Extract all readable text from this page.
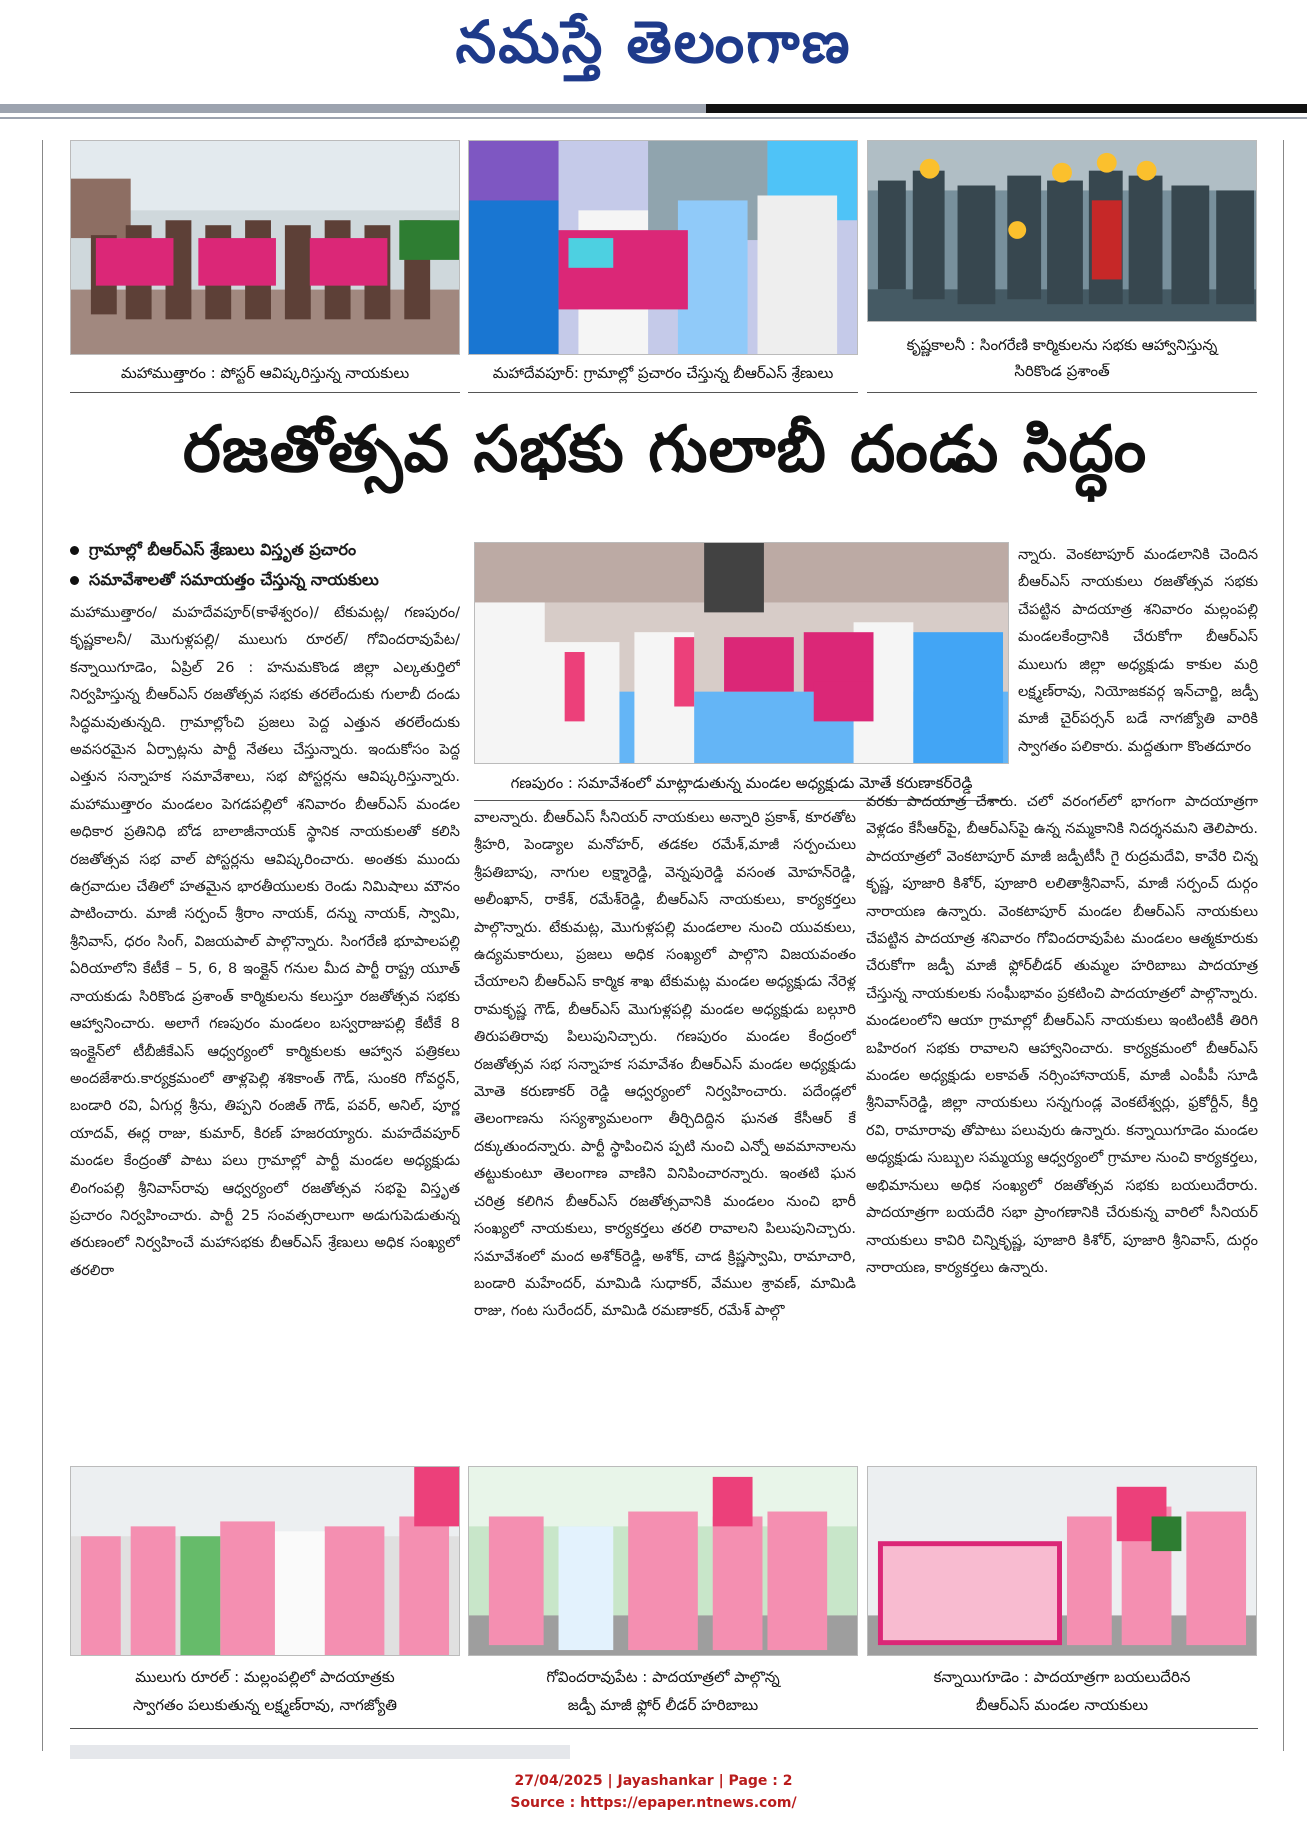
నమస్తే తెలంగాణ
మహాముత్తారం : పోస్టర్ ఆవిష్కరిస్తున్న నాయకులు	మహాదేవపూర్: గ్రామాల్లో ప్రచారం చేస్తున్న బీఆర్ఎస్ శ్రేణులు
కృష్ణకాలనీ : సింగరేణి కార్మికులను సభకు ఆహ్వానిస్తున్న
సిరికొండ ప్రశాంత్
రజతోత్సవ సభకు గులాబీ దండు సిద్ధం
గ్రామాల్లో బీఆర్ఎస్ శ్రేణులు విస్తృత ప్రచారం
సమావేశాలతో సమాయత్తం చేస్తున్న నాయకులు

మహాముత్తారం/ మహదేవపూర్(కాళేశ్వరం)/ టేకుమట్ల/ గణపురం/ కృష్ణకాలనీ/ మొగుళ్లపల్లి/ ములుగు రూరల్/ గోవిందరావుపేట/ కన్నాయిగూడెం, ఏప్రిల్ 26 : హనుమకొండ జిల్లా ఎల్కతుర్తిలో నిర్వహిస్తున్న బీఆర్ఎస్ రజతోత్సవ సభకు తరలేందుకు గులాబీ దండు సిద్ధమవుతున్నది. గ్రామాల్లోంచి ప్రజలు పెద్ద ఎత్తున తరలేందుకు అవసరమైన ఏర్పాట్లను పార్టీ నేతలు చేస్తున్నారు. ఇందుకోసం పెద్ద ఎత్తున సన్నాహక సమావేశాలు, సభ పోస్టర్లను ఆవిష్కరిస్తున్నారు. మహాముత్తారం మండలం పెగడపల్లిలో శనివారం బీఆర్ఎస్ మండల అధికార ప్రతినిధి బోడ బాలాజీనాయక్ స్థానిక నాయకులతో కలిసి రజతోత్సవ సభ వాల్ పోస్టర్లను ఆవిష్కరించారు. అంతకు ముందు ఉగ్రవాదుల చేతిలో హతమైన భారతీయులకు రెండు నిమిషాలు మౌనం పాటించారు. మాజీ సర్పంచ్ శ్రీరాం నాయక్, దన్ను నాయక్, స్వామి, శ్రీనివాస్, ధరం సింగ్, విజయపాల్ పాల్గొన్నారు. సింగరేణి భూపాలపల్లి ఏరియాలోని కేటీకే – 5, 6, 8 ఇంక్లైన్ గనుల మీద పార్టీ రాష్ట్ర యూత్ నాయకుడు సిరికొండ ప్రశాంత్ కార్మికులను కలుస్తూ రజతోత్సవ సభకు ఆహ్వానించారు. అలాగే గణపురం మండలం బస్వరాజుపల్లి కేటీకే 8 ఇంక్లైన్‌లో టీబీజీకేఎస్ ఆధ్వర్యంలో కార్మికులకు ఆహ్వాన పత్రికలు అందజేశారు.కార్యక్రమంలో తాళ్లపెల్లి శశికాంత్ గౌడ్, సుంకరి గోవర్ధన్, బండారి రవి, ఏగుర్ల శ్రీను, తిప్పని రంజిత్ గౌడ్, పవర్, అనిల్, పూర్ణ యాదవ్, ఈర్ల రాజు, కుమార్, కిరణ్ హజరయ్యారు. మహదేవపూర్ మండల కేంద్రంతో పాటు పలు గ్రామాల్లో పార్టీ మండల అధ్యక్షుడు లింగంపల్లి శ్రీనివాస్‌రావు ఆధ్వర్యంలో రజతోత్సవ సభపై విస్తృత ప్రచారం నిర్వహించారు. పార్టీ 25 సంవత్సరాలుగా అడుగుపెడుతున్న తరుణంలో నిర్వహించే మహాసభకు బీఆర్ఎస్ శ్రేణులు అధిక సంఖ్యలో తరలిరా

గణపురం : సమావేశంలో మాట్లాడుతున్న మండల అధ్యక్షుడు మోతే కరుణాకర్‌రెడ్డి

వాలన్నారు. బీఆర్ఎస్ సీనియర్ నాయకులు అన్నారి ప్రకాశ్, కూరతోట శ్రీహరి, పెండ్యాల మనోహర్, తడకల రమేశ్,మాజీ సర్పంచులు శ్రీపతిబాపు, నాగుల లక్ష్మారెడ్డి, వెన్నపురెడ్డి వసంత మోహన్‌రెడ్డి, అలీంఖాన్, రాకేశ్, రమేశ్‌రెడ్డి, బీఆర్ఎస్ నాయకులు, కార్యకర్తలు పాల్గొన్నారు. టేకుమట్ల, మొగుళ్లపల్లి మండలాల నుంచి యువకులు, ఉద్యమకారులు, ప్రజలు అధిక సంఖ్యలో పాల్గొని విజయవంతం చేయాలని బీఆర్ఎస్ కార్మిక శాఖ టేకుమట్ల మండల అధ్యక్షుడు నేరెళ్ల రామకృష్ణ గౌడ్, బీఆర్ఎస్ మొగుళ్లపల్లి మండల అధ్యక్షుడు బల్గూరి తిరుపతిరావు పిలుపునిచ్చారు. గణపురం మండల కేంద్రంలో రజతోత్సవ సభ సన్నాహక సమావేశం బీఆర్ఎస్ మండల అధ్యక్షుడు మోతె కరుణాకర్ రెడ్డి ఆధ్వర్యంలో నిర్వహించారు. పదేండ్లలో తెలంగాణను సస్యశ్యామలంగా తీర్చిదిద్దిన ఘనత కేసీఆర్ కే దక్కుతుందన్నారు. పార్టీ స్థాపించిన ప్పటి నుంచి ఎన్నో అవమానాలను తట్టుకుంటూ తెలంగాణ వాణిని వినిపించారన్నారు. ఇంతటి ఘన చరిత్ర కలిగిన బీఆర్ఎస్ రజతోత్సవానికి మండలం నుంచి భారీ సంఖ్యలో నాయకులు, కార్యకర్తలు తరలి రావాలని పిలుపునిచ్చారు. సమావేశంలో మంద అశోక్‌రెడ్డి, అశోక్, చాడ క్రిష్ణస్వామి, రామాచారి, బండారి మహేందర్, మామిడి సుధాకర్, వేముల శ్రావణ్, మామిడి రాజు, గంట సురేందర్, మామిడి రమణాకర్, రమేశ్ పాల్గొ

న్నారు. వెంకటాపూర్ మండలానికి చెందిన బీఆర్ఎస్ నాయకులు రజతోత్సవ సభకు చేపట్టిన పాదయాత్ర శనివారం మల్లంపల్లి మండలకేంద్రానికి చేరుకోగా బీఆర్ఎస్ ములుగు జిల్లా అధ్యక్షుడు కాకుల మర్రి లక్ష్మణ్‌రావు, నియోజకవర్గ ఇన్‌చార్జి, జడ్పీ మాజీ చైర్‌పర్సన్ బడే నాగజ్యోతి వారికి స్వాగతం పలికారు. మద్దతుగా కొంతదూరం

వరకు పాదయాత్ర చేశారు. చలో వరంగల్‌లో భాగంగా పాదయాత్రగా వెళ్లడం కేసీఆర్‌పై, బీఆర్ఎస్‌పై ఉన్న నమ్మకానికి నిదర్శనమని తెలిపారు. పాదయాత్రలో వెంకటాపూర్ మాజీ జడ్పీటీసీ గై రుద్రమదేవి, కావేరి చిన్న కృష్ణ, పూజారి కిశోర్, పూజారి లలితాశ్రీనివాస్, మాజీ సర్పంచ్ దుర్గం నారాయణ ఉన్నారు. వెంకటాపూర్ మండల బీఆర్ఎస్ నాయకులు చేపట్టిన పాదయాత్ర శనివారం గోవిందరావుపేట మండలం ఆత్మకూరుకు చేరుకోగా జడ్పీ మాజీ ఫ్లోర్‌లీడర్ తుమ్మల హరిబాబు పాదయాత్ర చేస్తున్న నాయకులకు సంఘీభావం ప్రకటించి పాదయాత్రలో పాల్గొన్నారు. మండలంలోని ఆయా గ్రామాల్లో బీఆర్ఎస్ నాయకులు ఇంటింటికీ తిరిగి బహిరంగ సభకు రావాలని ఆహ్వానించారు. కార్యక్రమంలో బీఆర్ఎస్ మండల అధ్యక్షుడు లకావత్ నర్సింహానాయక్, మాజీ ఎంపీపీ సూడి శ్రీనివాస్‌రెడ్డి, జిల్లా నాయకులు సన్నగుండ్ల వెంకటేశ్వర్లు, ఫ్రకోర్దీన్, కీర్తి రవి, రామారావు తోపాటు పలువురు ఉన్నారు. కన్నాయిగూడెం మండల అధ్యక్షుడు సుబ్బుల సమ్మయ్య ఆధ్వర్యంలో గ్రామాల నుంచి కార్యకర్తలు, అభిమానులు అధిక సంఖ్యలో రజతోత్సవ సభకు బయలుదేరారు. పాదయాత్రగా బయదేరి సభా ప్రాంగణానికి చేరుకున్న వారిలో సీనియర్ నాయకులు కావిరి చిన్నికృష్ణ, పూజారి కిశోర్, పూజారి శ్రీనివాస్, దుర్గం నారాయణ, కార్యకర్తలు ఉన్నారు.

ములుగు రూరల్ : మల్లంపల్లిలో పాదయాత్రకు
స్వాగతం పలుకుతున్న లక్ష్మణ్‌రావు, నాగజ్యోతి
గోవిందరావుపేట : పాదయాత్రలో పాల్గొన్న
జడ్పీ మాజీ ఫ్లోర్ లీడర్ హరిబాబు
కన్నాయిగూడెం : పాదయాత్రగా బయలుదేరిన
బీఆర్ఎస్ మండల నాయకులు
27/04/2025 | Jayashankar | Page : 2
Source : https://epaper.ntnews.com/
